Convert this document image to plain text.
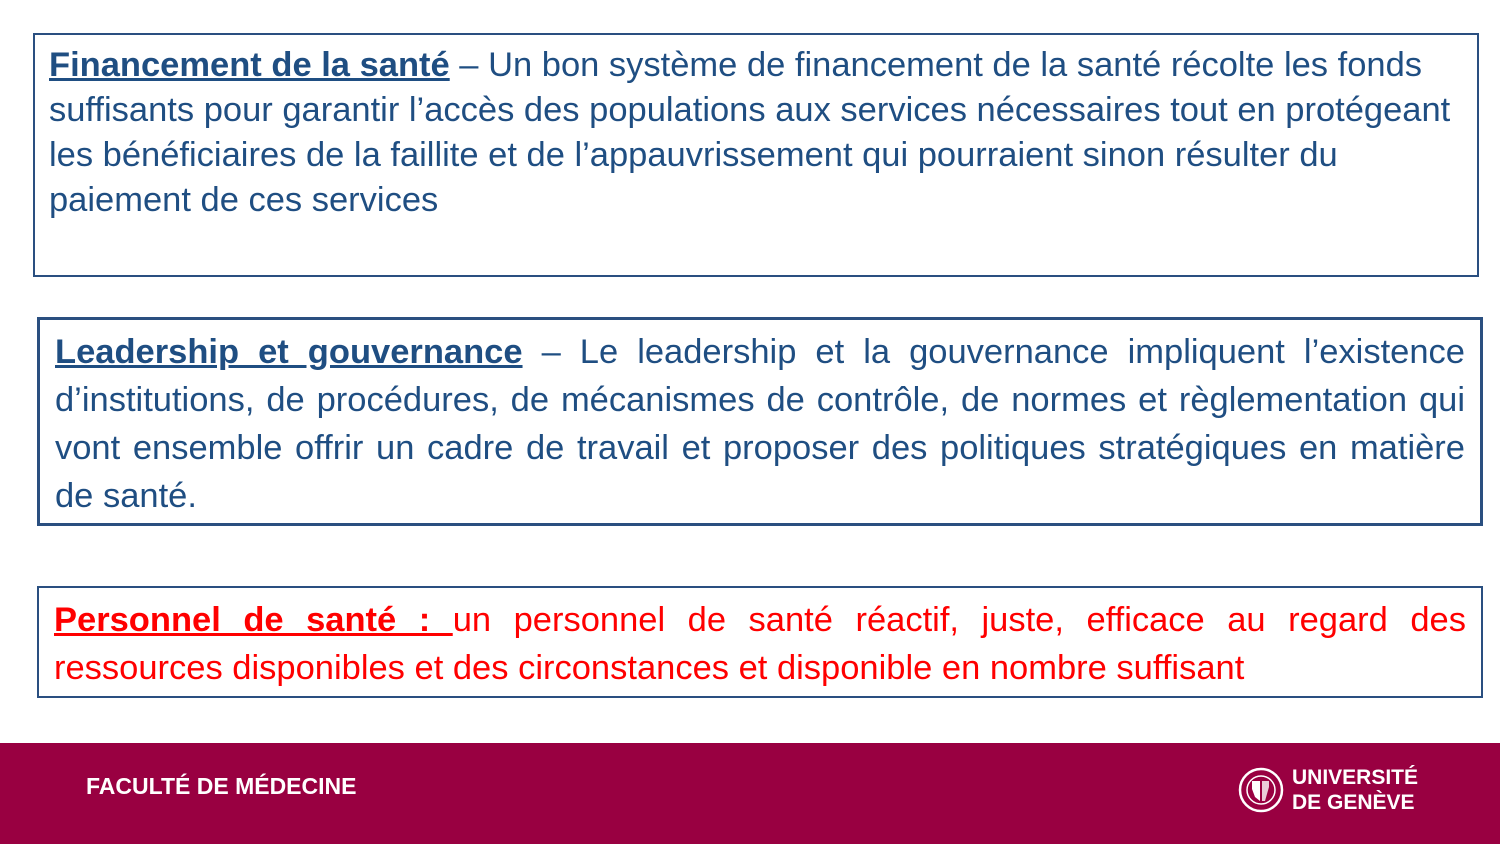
Financement de la santé – Un bon système de financement de la santé récolte les fonds suffisants pour garantir l’accès des populations aux services nécessaires tout en protégeant les bénéficiaires de la faillite et de l’appauvrissement qui pourraient sinon résulter du paiement de ces services

Leadership et gouvernance – Le leadership et la gouvernance impliquent l’existence d’institutions, de procédures, de mécanismes de contrôle, de normes et règlementation qui vont ensemble offrir un cadre de travail et proposer des politiques stratégiques en matière de santé.

Personnel de santé : un personnel de santé réactif, juste, efficace au regard des ressources disponibles et des circonstances et disponible en nombre suffisant

FACULTÉ DE MÉDECINE	UNIVERSITÉ
DE GENÈVE
